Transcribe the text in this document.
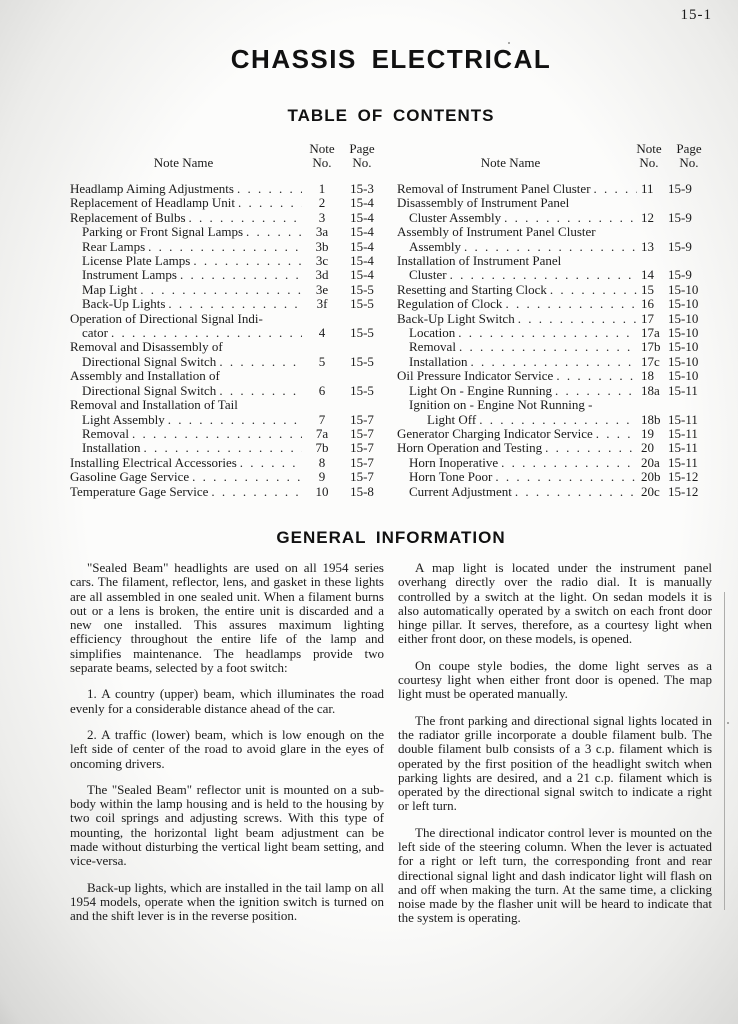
15-1
CHASSIS ELECTRICAL
TABLE OF CONTENTS
Note Name
Note
No.
Page
No.
Headlamp Aiming Adjustments . . .	1	15-3
Replacement of Headlamp Unit . . .	2	15-4
Replacement of Bulbs . . .	3	15-4
Parking or Front Signal Lamps . . .	3a	15-4
Rear Lamps . . .	3b	15-4
License Plate Lamps . . .	3c	15-4
Instrument Lamps . . .	3d	15-4
Map Light . . .	3e	15-5
Back-Up Lights . . .	3f	15-5
Operation of Directional Signal Indi-
cator . . .	4	15-5
Removal and Disassembly of
Directional Signal Switch . . .	5	15-5
Assembly and Installation of
Directional Signal Switch . . .	6	15-5
Removal and Installation of Tail
Light Assembly . . .	7	15-7
Removal . . .	7a	15-7
Installation . . .	7b	15-7
Installing Electrical Accessories . . .	8	15-7
Gasoline Gage Service . . .	9	15-7
Temperature Gage Service . . .	10	15-8
Note Name
Note
No.
Page
No.
Removal of Instrument Panel Cluster . . .	11	15-9
Disassembly of Instrument Panel
Cluster Assembly . . .	12	15-9
Assembly of Instrument Panel Cluster
Assembly . . .	13	15-9
Installation of Instrument Panel
Cluster . . .	14	15-9
Resetting and Starting Clock . . .	15	15-10
Regulation of Clock . . .	16	15-10
Back-Up Light Switch . . .	17	15-10
Location . . .	17a 15-10
Removal . . .	17b 15-10
Installation . . .	17c 15-10
Oil Pressure Indicator Service . . .	18	15-10
Light On - Engine Running . . .	18a 15-11
Ignition on - Engine Not Running -
Light Off . . .	18b 15-11
Generator Charging Indicator Service . . .	19	15-11
Horn Operation and Testing . . .	20	15-11
Horn Inoperative . . .	20a 15-11
Horn Tone Poor . . .	20b 15-12
Current Adjustment . . .	20c 15-12
GENERAL INFORMATION

"Sealed Beam" headlights are used on all 1954 series cars. The filament, reflector, lens, and gasket in these lights are all assembled in one sealed unit. When a filament burns out or a lens is broken, the entire unit is discarded and a new one installed. This assures maximum lighting efficiency throughout the entire life of the lamp and simplifies maintenance. The headlamps provide two separate beams, selected by a foot switch:

1. A country (upper) beam, which illuminates the road evenly for a considerable distance ahead of the car.

2. A traffic (lower) beam, which is low enough on the left side of center of the road to avoid glare in the eyes of oncoming drivers.

The "Sealed Beam" reflector unit is mounted on a sub-body within the lamp housing and is held to the housing by two coil springs and adjusting screws. With this type of mounting, the horizontal light beam adjustment can be made without disturbing the vertical light beam setting, and vice-versa.

Back-up lights, which are installed in the tail lamp on all 1954 models, operate when the ignition switch is turned on and the shift lever is in the reverse position.

A map light is located under the instrument panel overhang directly over the radio dial. It is manually controlled by a switch at the light. On sedan models it is also automatically operated by a switch on each front door hinge pillar. It serves, therefore, as a courtesy light when either front door, on these models, is opened.

On coupe style bodies, the dome light serves as a courtesy light when either front door is opened. The map light must be operated manually.

The front parking and directional signal lights located in the radiator grille incorporate a double filament bulb. The double filament bulb consists of a 3 c.p. filament which is operated by the first position of the headlight switch when parking lights are desired, and a 21 c.p. filament which is operated by the directional signal switch to indicate a right or left turn.

The directional indicator control lever is mounted on the left side of the steering column. When the lever is actuated for a right or left turn, the corresponding front and rear directional signal light and dash indicator light will flash on and off when making the turn. At the same time, a clicking noise made by the flasher unit will be heard to indicate that the system is operating.
